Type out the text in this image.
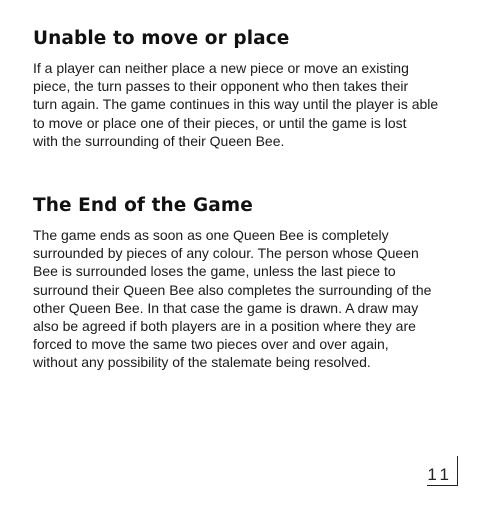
Unable to move or place

If a player can neither place a new piece or move an existing
piece, the turn passes to their opponent who then takes their
turn again. The game continues in this way until the player is able
to move or place one of their pieces, or until the game is lost
with the surrounding of their Queen Bee.

The End of the Game

The game ends as soon as one Queen Bee is completely
surrounded by pieces of any colour. The person whose Queen
Bee is surrounded loses the game, unless the last piece to
surround their Queen Bee also completes the surrounding of the
other Queen Bee. In that case the game is drawn. A draw may
also be agreed if both players are in a position where they are
forced to move the same two pieces over and over again,
without any possibility of the stalemate being resolved.

11
